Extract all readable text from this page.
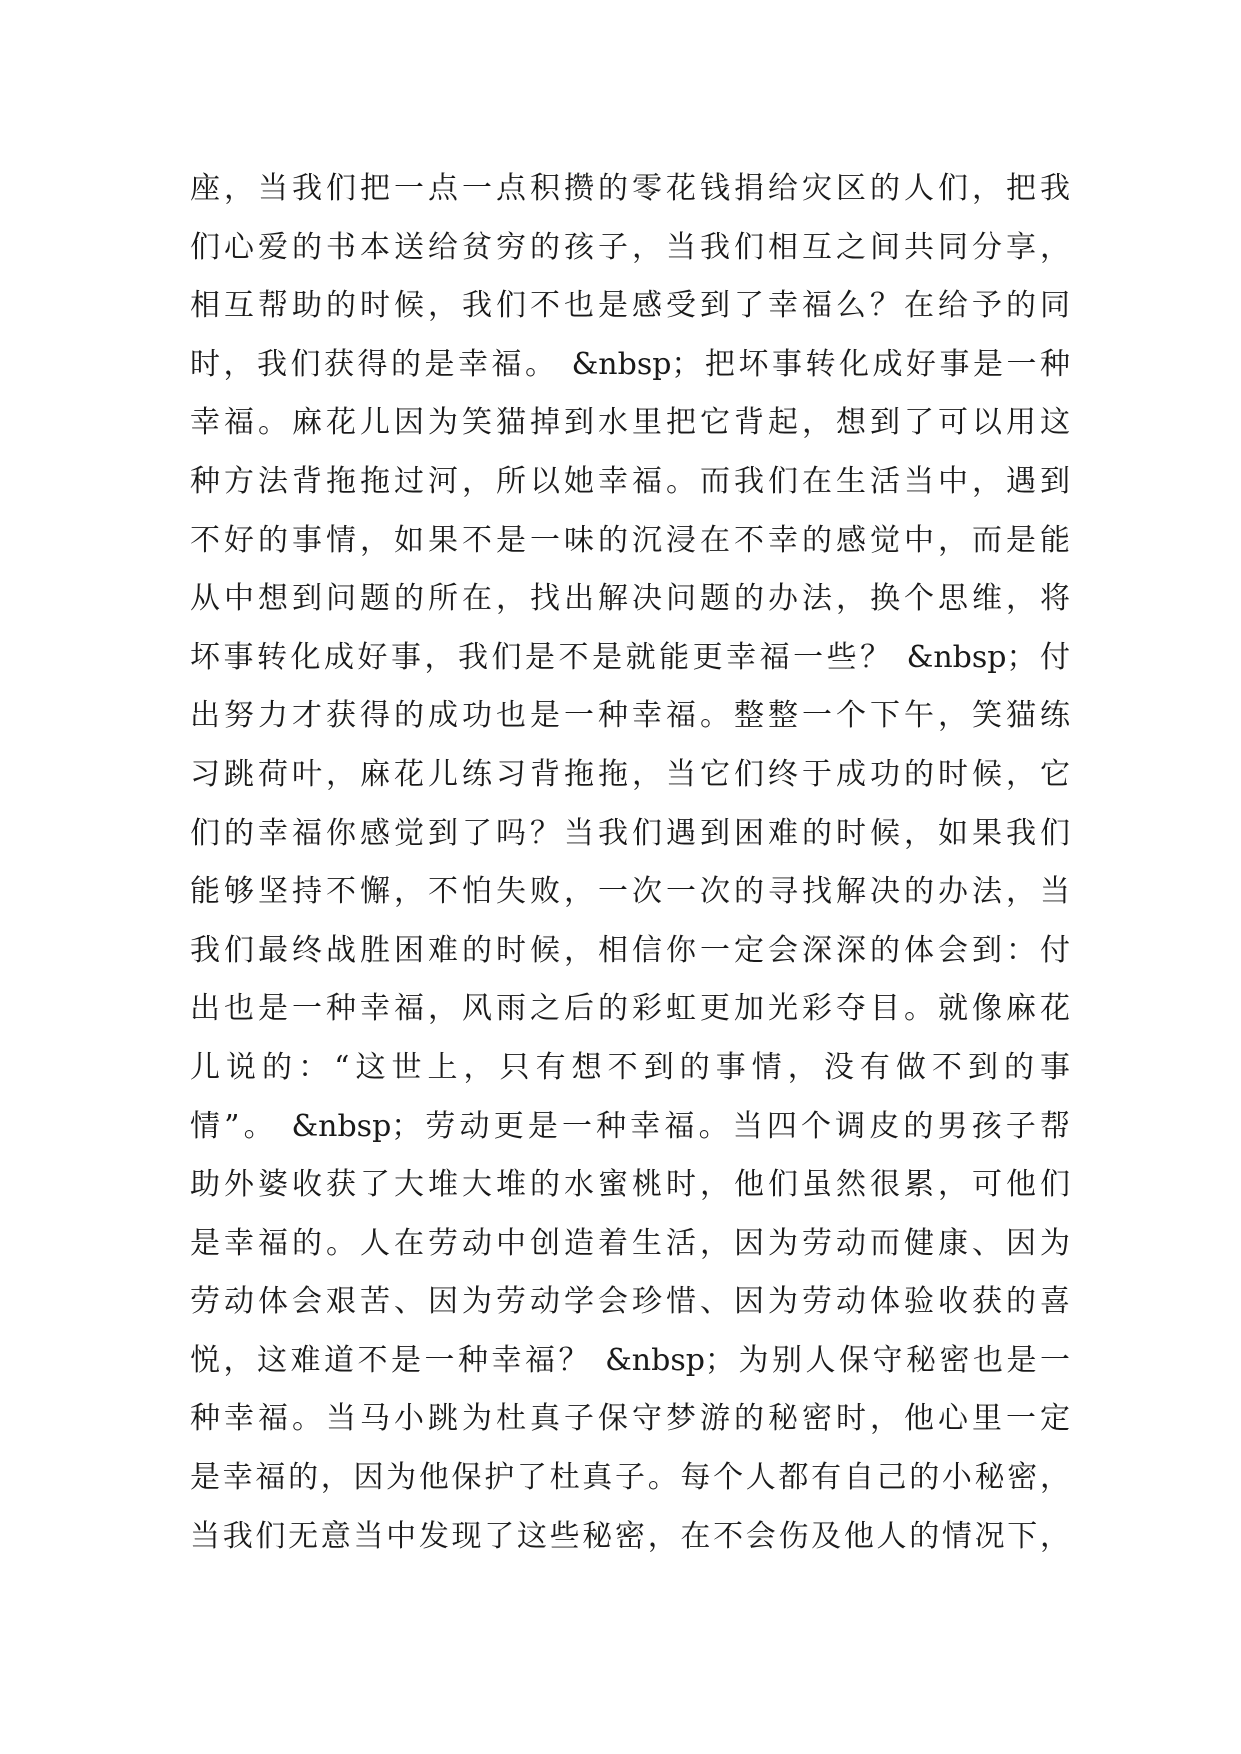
座，当我们把一点一点积攒的零花钱捐给灾区的人们，把我
们心爱的书本送给贫穷的孩子，当我们相互之间共同分享，
相互帮助的时候，我们不也是感受到了幸福么？在给予的同
时，我们获得的是幸福。 &nbsp；把坏事转化成好事是一种
幸福。麻花儿因为笑猫掉到水里把它背起，想到了可以用这
种方法背拖拖过河，所以她幸福。而我们在生活当中，遇到
不好的事情，如果不是一味的沉浸在不幸的感觉中，而是能
从中想到问题的所在，找出解决问题的办法，换个思维，将
坏事转化成好事，我们是不是就能更幸福一些？ &nbsp；付
出努力才获得的成功也是一种幸福。整整一个下午，笑猫练
习跳荷叶，麻花儿练习背拖拖，当它们终于成功的时候，它
们的幸福你感觉到了吗？当我们遇到困难的时候，如果我们
能够坚持不懈，不怕失败，一次一次的寻找解决的办法，当
我们最终战胜困难的时候，相信你一定会深深的体会到：付
出也是一种幸福，风雨之后的彩虹更加光彩夺目。就像麻花
儿说的：“这世上，只有想不到的事情，没有做不到的事
情”。 &nbsp；劳动更是一种幸福。当四个调皮的男孩子帮
助外婆收获了大堆大堆的水蜜桃时，他们虽然很累，可他们
是幸福的。人在劳动中创造着生活，因为劳动而健康、因为
劳动体会艰苦、因为劳动学会珍惜、因为劳动体验收获的喜
悦，这难道不是一种幸福？ &nbsp；为别人保守秘密也是一
种幸福。当马小跳为杜真子保守梦游的秘密时，他心里一定
是幸福的，因为他保护了杜真子。每个人都有自己的小秘密，
当我们无意当中发现了这些秘密，在不会伤及他人的情况下，
